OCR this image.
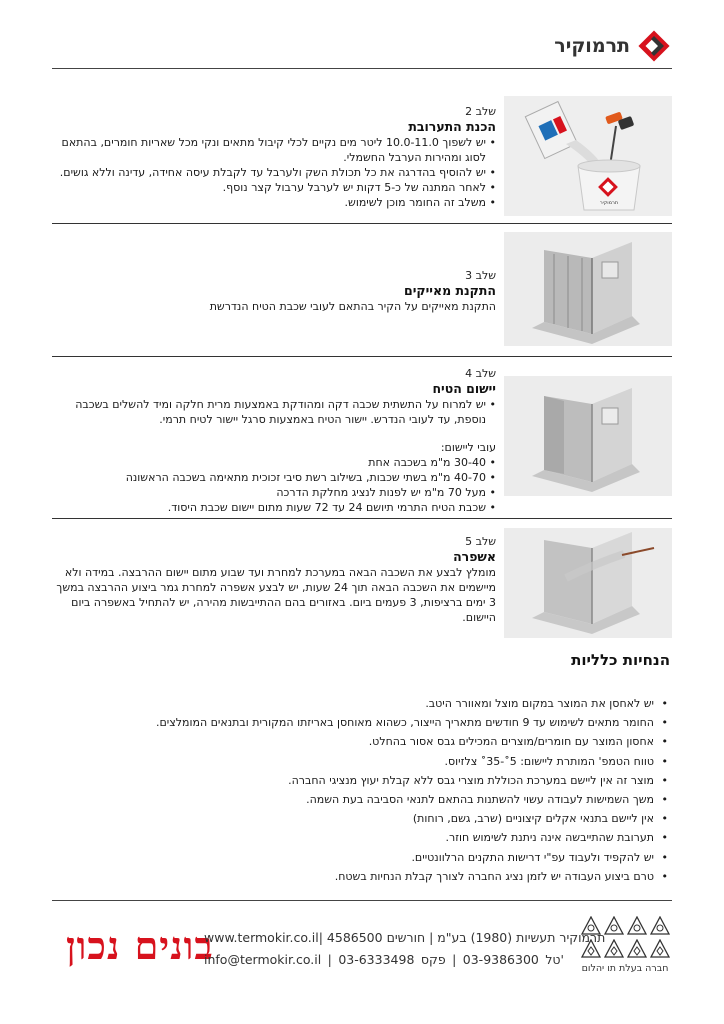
תרמוקיר
תרמוקיר
שלב 2
הכנת התערובת
• יש לשפוך 10.0-11.0 ליטר מים נקיים לכלי קיבול מתאים ונקי מכל שאריות חומרים, בהתאם לסוג ומהירות הערבל החשמלי.
• יש להוסיף בהדרגה את כל תכולת השק ולערבל עד לקבלת עיסה אחידה, עדינה וללא גושים.
• לאחר המתנה של כ-5 דקות יש לערבל ערבול קצר נוסף.
• משלב זה החומר מוכן לשימוש.
שלב 3
התקנת מאייקים
התקנת מאייקים על הקיר בהתאם לעובי שכבת הטיח הנדרשת
שלב 4
יישום הטיח
• יש למרוח על התשתית שכבה דקה ומהודקת באמצעות מרית חלקה ומיד להשלים בשכבה נוספת, עד לעובי הנדרש. יישור הטיח באמצעות סרגל יישור לטיח תרמי.
עובי ליישום:
• 30-40 מ"מ בשכבה אחת
• 40-70 מ"מ בשתי שכבות, בשילוב רשת סיבי זכוכית מתאימה בשכבה הראשונה
• מעל 70 מ"מ יש לפנות לנציג מחלקת הדרכה
• שכבת הטיח התרמי תיושם 24 עד 72 שעות מתום יישום שכבת היסוד.
שלב 5
אשפרה
מומלץ לבצע את השכבה הבאה במערכת למחרת ועד שבוע מתום יישום ההרבצה. במידה ולא מיישמים את השכבה הבאה תוך 24 שעות, יש לבצע אשפרה למחרת גמר ביצוע ההרבצה במשך 3 ימים ברציפות, 3 פעמים ביום. באזורים בהם ההתייבשות מהירה, יש להתחיל באשפרה ביום היישום.
הנחיות כלליות
• יש לאחסן את המוצר במקום מוצל ומאוורר היטב.
• החומר מתאים לשימוש עד 9 חודשים מתאריך הייצור, כשהוא מאוחסן באריזתו המקורית ובתנאים המומלצים.
• אחסון המוצר עם חומרים/מוצרים המכילים גבס אסור בהחלט.
• טווח הטמפ' המותרת ליישום: 5˚-35˚ צלזיוס.
• מוצר זה אין ליישם במערכת הכוללת מוצרי גבס ללא קבלת יעוץ מנציגי החברה.
• משך השמישות לעבודה עשוי להשתנות בהתאם לתנאי הסביבה בעת השמה.
• אין ליישם בתנאי אקלים קיצוניים (שרב, גשם, רוחות)
• תערובת שהתייבשה אינה ניתנת לשימוש חוזר.
• יש להקפיד ולעבוד עפ"י דרישות התקנים הרלוונטיים.
• טרם ביצוע העבודה יש לזמן נציג החברה לצורך קבלת הנחיות בשטח.
בונים נכון
www.termokir.co.il תרמוקיר תעשיות (1980) בע"מ | חורשים 4586500 |
info@termokir.co.il | 03-6333498 פקס | 03-9386300 טל'
חברה בעלת תו יהלום
